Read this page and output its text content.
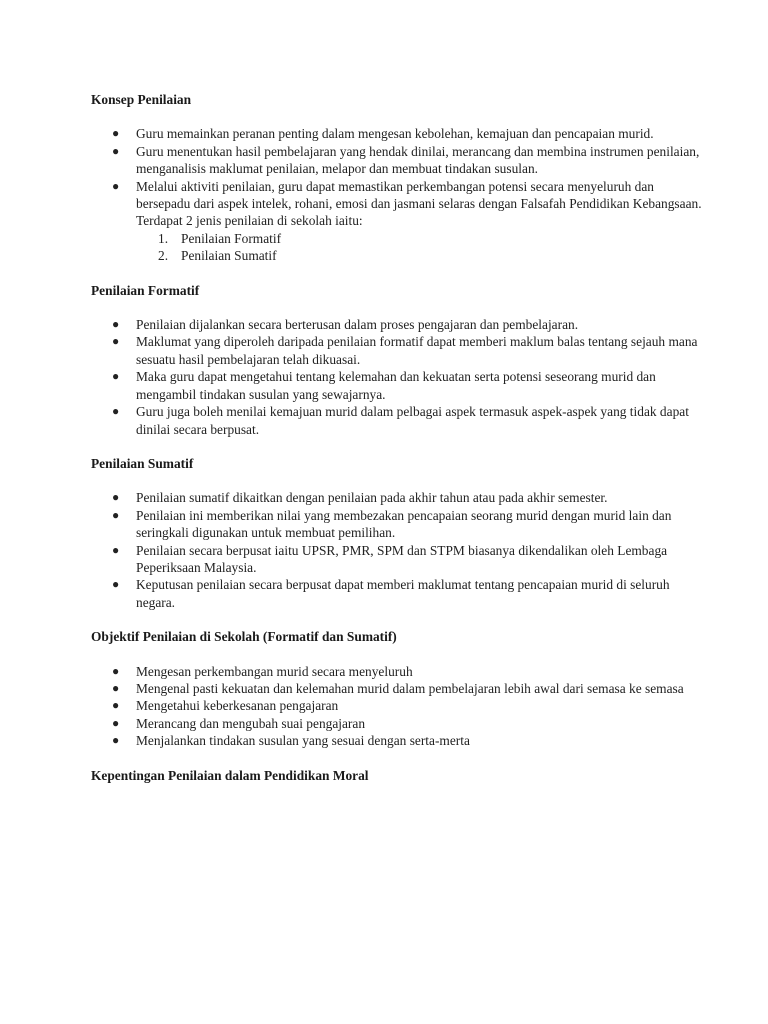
Konsep Penilaian
● Guru memainkan peranan penting dalam mengesan kebolehan, kemajuan dan pencapaian murid.
● Guru menentukan hasil pembelajaran yang hendak dinilai, merancang dan membina instrumen penilaian, menganalisis maklumat penilaian, melapor dan membuat tindakan susulan.
● Melalui aktiviti penilaian, guru dapat memastikan perkembangan potensi secara menyeluruh dan bersepadu dari aspek intelek, rohani, emosi dan jasmani selaras dengan Falsafah Pendidikan Kebangsaan. Terdapat 2 jenis penilaian di sekolah iaitu:
1. Penilaian Formatif
2. Penilaian Sumatif
Penilaian Formatif
● Penilaian dijalankan secara berterusan dalam proses pengajaran dan pembelajaran.
● Maklumat yang diperoleh daripada penilaian formatif dapat memberi maklum balas tentang sejauh mana sesuatu hasil pembelajaran telah dikuasai.
● Maka guru dapat mengetahui tentang kelemahan dan kekuatan serta potensi seseorang murid dan mengambil tindakan susulan yang sewajarnya.
● Guru juga boleh menilai kemajuan murid dalam pelbagai aspek termasuk aspek-aspek yang tidak dapat dinilai secara berpusat.
Penilaian Sumatif
● Penilaian sumatif dikaitkan dengan penilaian pada akhir tahun atau pada akhir semester.
● Penilaian ini memberikan nilai yang membezakan pencapaian seorang murid dengan murid lain dan seringkali digunakan untuk membuat pemilihan.
● Penilaian secara berpusat iaitu UPSR, PMR, SPM dan STPM biasanya dikendalikan oleh Lembaga Peperiksaan Malaysia.
● Keputusan penilaian secara berpusat dapat memberi maklumat tentang pencapaian murid di seluruh negara.
Objektif Penilaian di Sekolah (Formatif dan Sumatif)
● Mengesan perkembangan murid secara menyeluruh
● Mengenal pasti kekuatan dan kelemahan murid dalam pembelajaran lebih awal dari semasa ke semasa
● Mengetahui keberkesanan pengajaran
● Merancang dan mengubah suai pengajaran
● Menjalankan tindakan susulan yang sesuai dengan serta-merta
Kepentingan Penilaian dalam Pendidikan Moral
